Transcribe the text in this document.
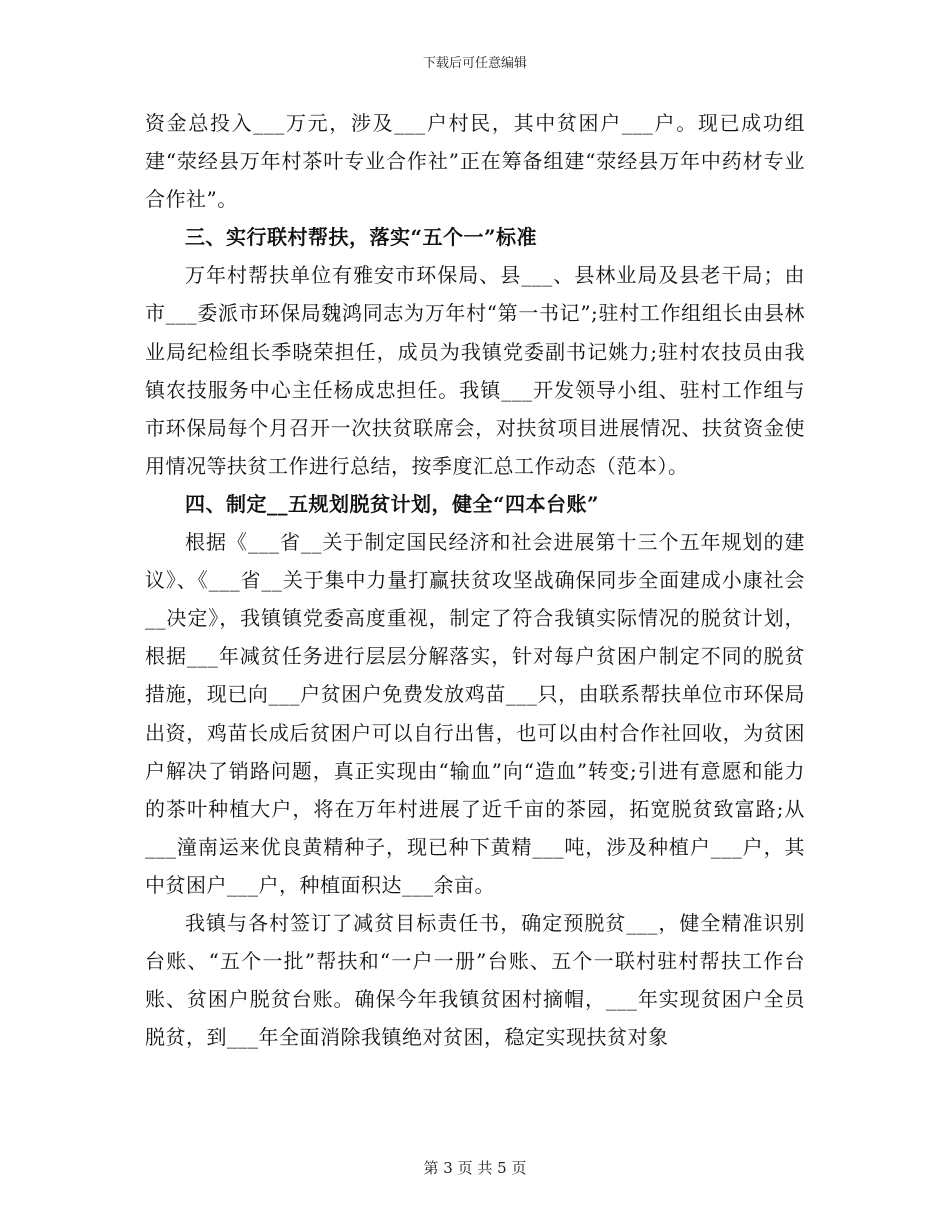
下载后可任意编辑

资金总投入___万元，涉及___户村民，其中贫困户___户。现已成功组建“荥经县万年村茶叶专业合作社”正在筹备组建“荥经县万年中药材专业合作社”。

三、实行联村帮扶，落实“五个一”标准

万年村帮扶单位有雅安市环保局、县___、县林业局及县老干局；由市___委派市环保局魏鸿同志为万年村“第一书记”;驻村工作组组长由县林业局纪检组长季晓荣担任，成员为我镇党委副书记姚力;驻村农技员由我镇农技服务中心主任杨成忠担任。我镇___开发领导小组、驻村工作组与市环保局每个月召开一次扶贫联席会，对扶贫项目进展情况、扶贫资金使用情况等扶贫工作进行总结，按季度汇总工作动态（范本）。

四、制定__五规划脱贫计划，健全“四本台账”

根据《___省__关于制定国民经济和社会进展第十三个五年规划的建议》、《___省__关于集中力量打赢扶贫攻坚战确保同步全面建成小康社会__决定》，我镇镇党委高度重视，制定了符合我镇实际情况的脱贫计划，根据___年减贫任务进行层层分解落实，针对每户贫困户制定不同的脱贫措施，现已向___户贫困户免费发放鸡苗___只，由联系帮扶单位市环保局出资，鸡苗长成后贫困户可以自行出售，也可以由村合作社回收，为贫困户解决了销路问题，真正实现由“输血”向“造血”转变;引进有意愿和能力的茶叶种植大户，将在万年村进展了近千亩的茶园，拓宽脱贫致富路;从___潼南运来优良黄精种子，现已种下黄精___吨，涉及种植户___户，其中贫困户___户，种植面积达___余亩。

我镇与各村签订了减贫目标责任书，确定预脱贫___，健全精准识别台账、“五个一批”帮扶和“一户一册”台账、五个一联村驻村帮扶工作台账、贫困户脱贫台账。确保今年我镇贫困村摘帽，___年实现贫困户全员脱贫，到___年全面消除我镇绝对贫困，稳定实现扶贫对象

第 3 页 共 5 页
